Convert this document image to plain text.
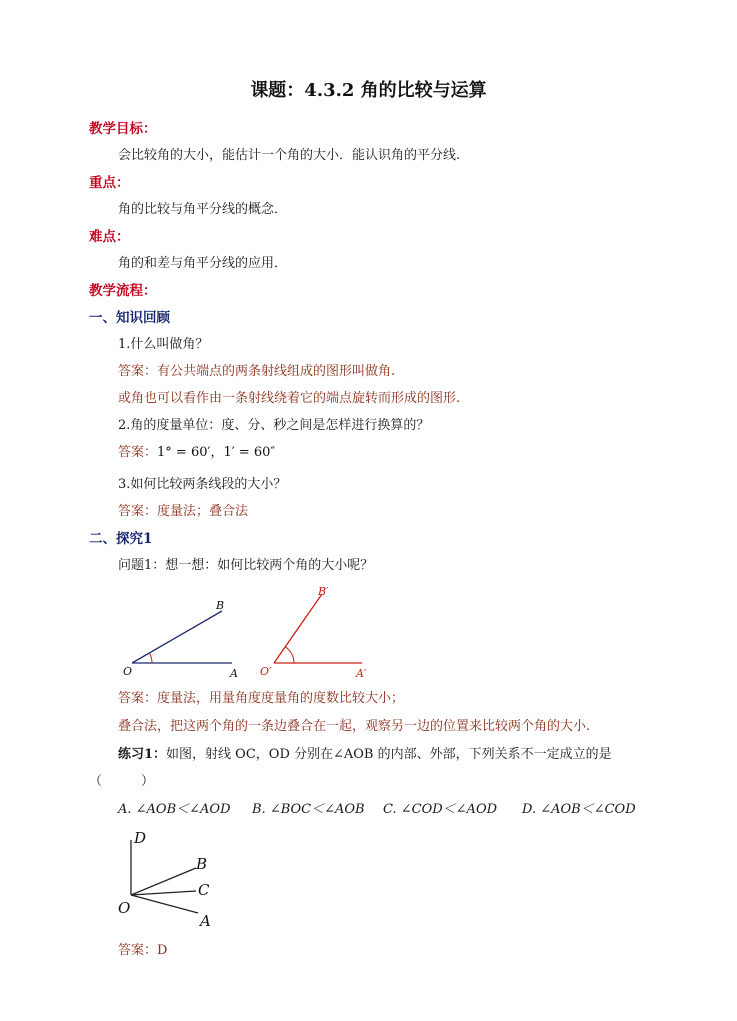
课题：4.3.2 角的比较与运算
教学目标：
会比较角的大小，能估计一个角的大小．能认识角的平分线.
重点：
角的比较与角平分线的概念．
难点：
角的和差与角平分线的应用．
教学流程：
一、知识回顾
1.什么叫做角？
答案：有公共端点的两条射线组成的图形叫做角.
或角也可以看作由一条射线绕着它的端点旋转而形成的图形.
2.角的度量单位：度、分、秒之间是怎样进行换算的？
答案：1° = 60′，1′ = 60″
3.如何比较两条线段的大小？
答案：度量法；叠合法
二、探究1
问题1：想一想：如何比较两个角的大小呢？
O	A
B
O′	A′
B′
答案：度量法，用量角度度量角的度数比较大小；
叠合法，把这两个角的一条边叠合在一起，观察另一边的位置来比较两个角的大小.
练习1：如图，射线 OC，OD 分别在∠AOB 的内部、外部，下列关系不一定成立的是
（　　　）
A. ∠AOB＜∠AOD B. ∠BOC＜∠AOB C. ∠COD＜∠AOD D. ∠AOB＜∠COD
D
B
C
O
A
答案：D
